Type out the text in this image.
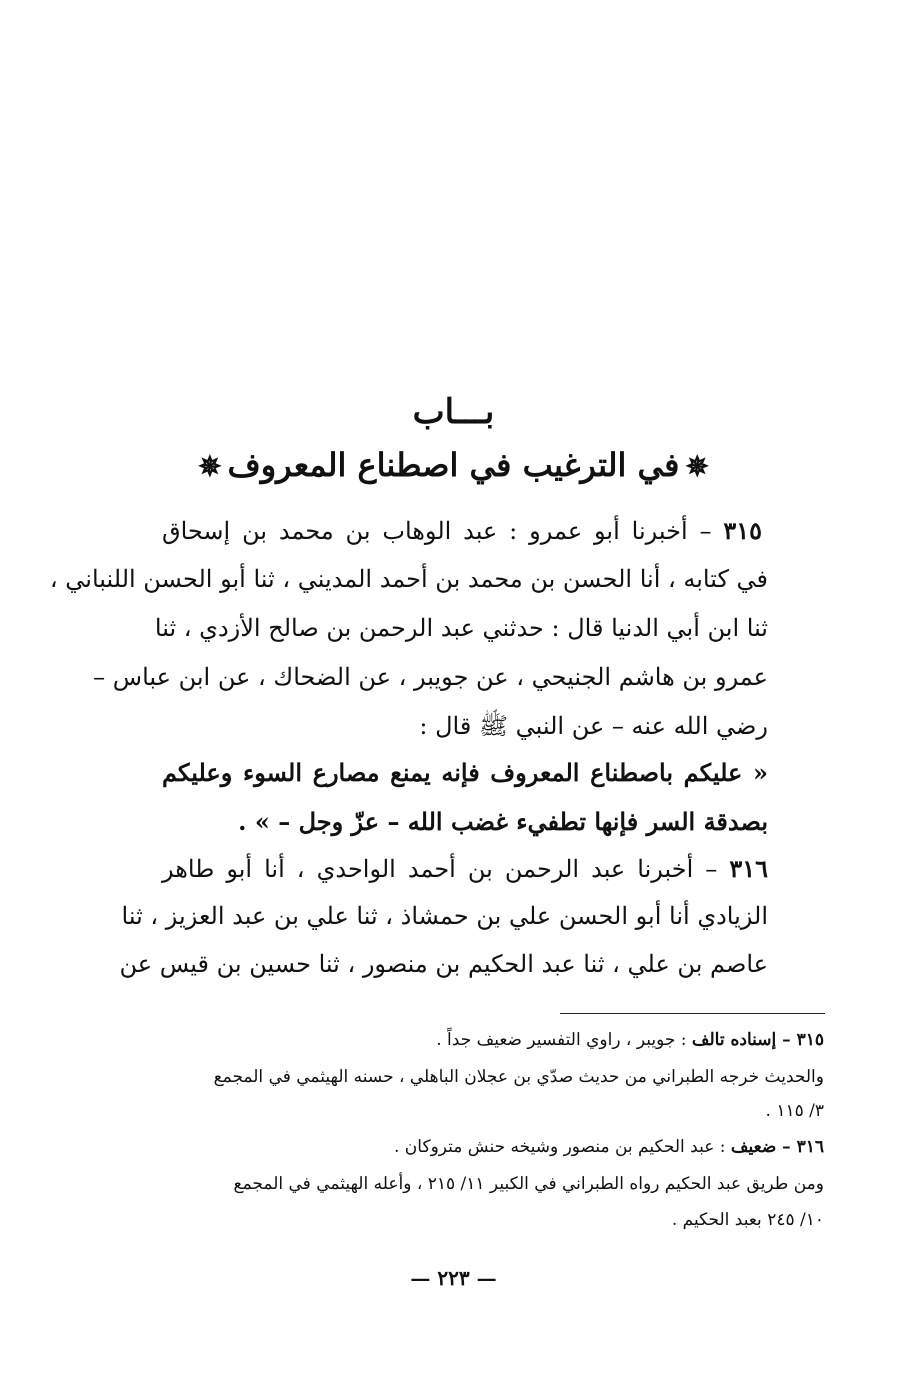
بـــاب
✵في الترغيب في اصطناع المعروف✵
٣١٥ – أخبرنا أبو عمرو : عبد الوهاب بن محمد بن إسحاق
في كتابه ، أنا الحسن بن محمد بن أحمد المديني ، ثنا أبو الحسن اللنباني ،
ثنا ابن أبي الدنيا قال : حدثني عبد الرحمن بن صالح الأزدي ، ثنا
عمرو بن هاشم الجنيحي ، عن جويبر ، عن الضحاك ، عن ابن عباس –
رضي الله عنه – عن النبي ﷺ قال :
« عليكم باصطناع المعروف فإنه يمنع مصارع السوء وعليكم
بصدقة السر فإنها تطفيء غضب الله – عزّ وجل – » .
٣١٦ – أخبرنا عبد الرحمن بن أحمد الواحدي ، أنا أبو طاهر
الزيادي أنا أبو الحسن علي بن حمشاذ ، ثنا علي بن عبد العزيز ، ثنا
عاصم بن علي ، ثنا عبد الحكيم بن منصور ، ثنا حسين بن قيس عن
٣١٥ – إسناده تالف : جويبر ، راوي التفسير ضعيف جداً .
والحديث خرجه الطبراني من حديث صدّي بن عجلان الباهلي ، حسنه الهيثمي في المجمع
٣/ ١١٥ .
٣١٦ – ضعيف : عبد الحكيم بن منصور وشيخه حنش متروكان .
ومن طريق عبد الحكيم رواه الطبراني في الكبير ١١/ ٢١٥ ، وأعله الهيثمي في المجمع
١٠/ ٢٤٥ بعبد الحكيم .
— ٢٢٣ —
